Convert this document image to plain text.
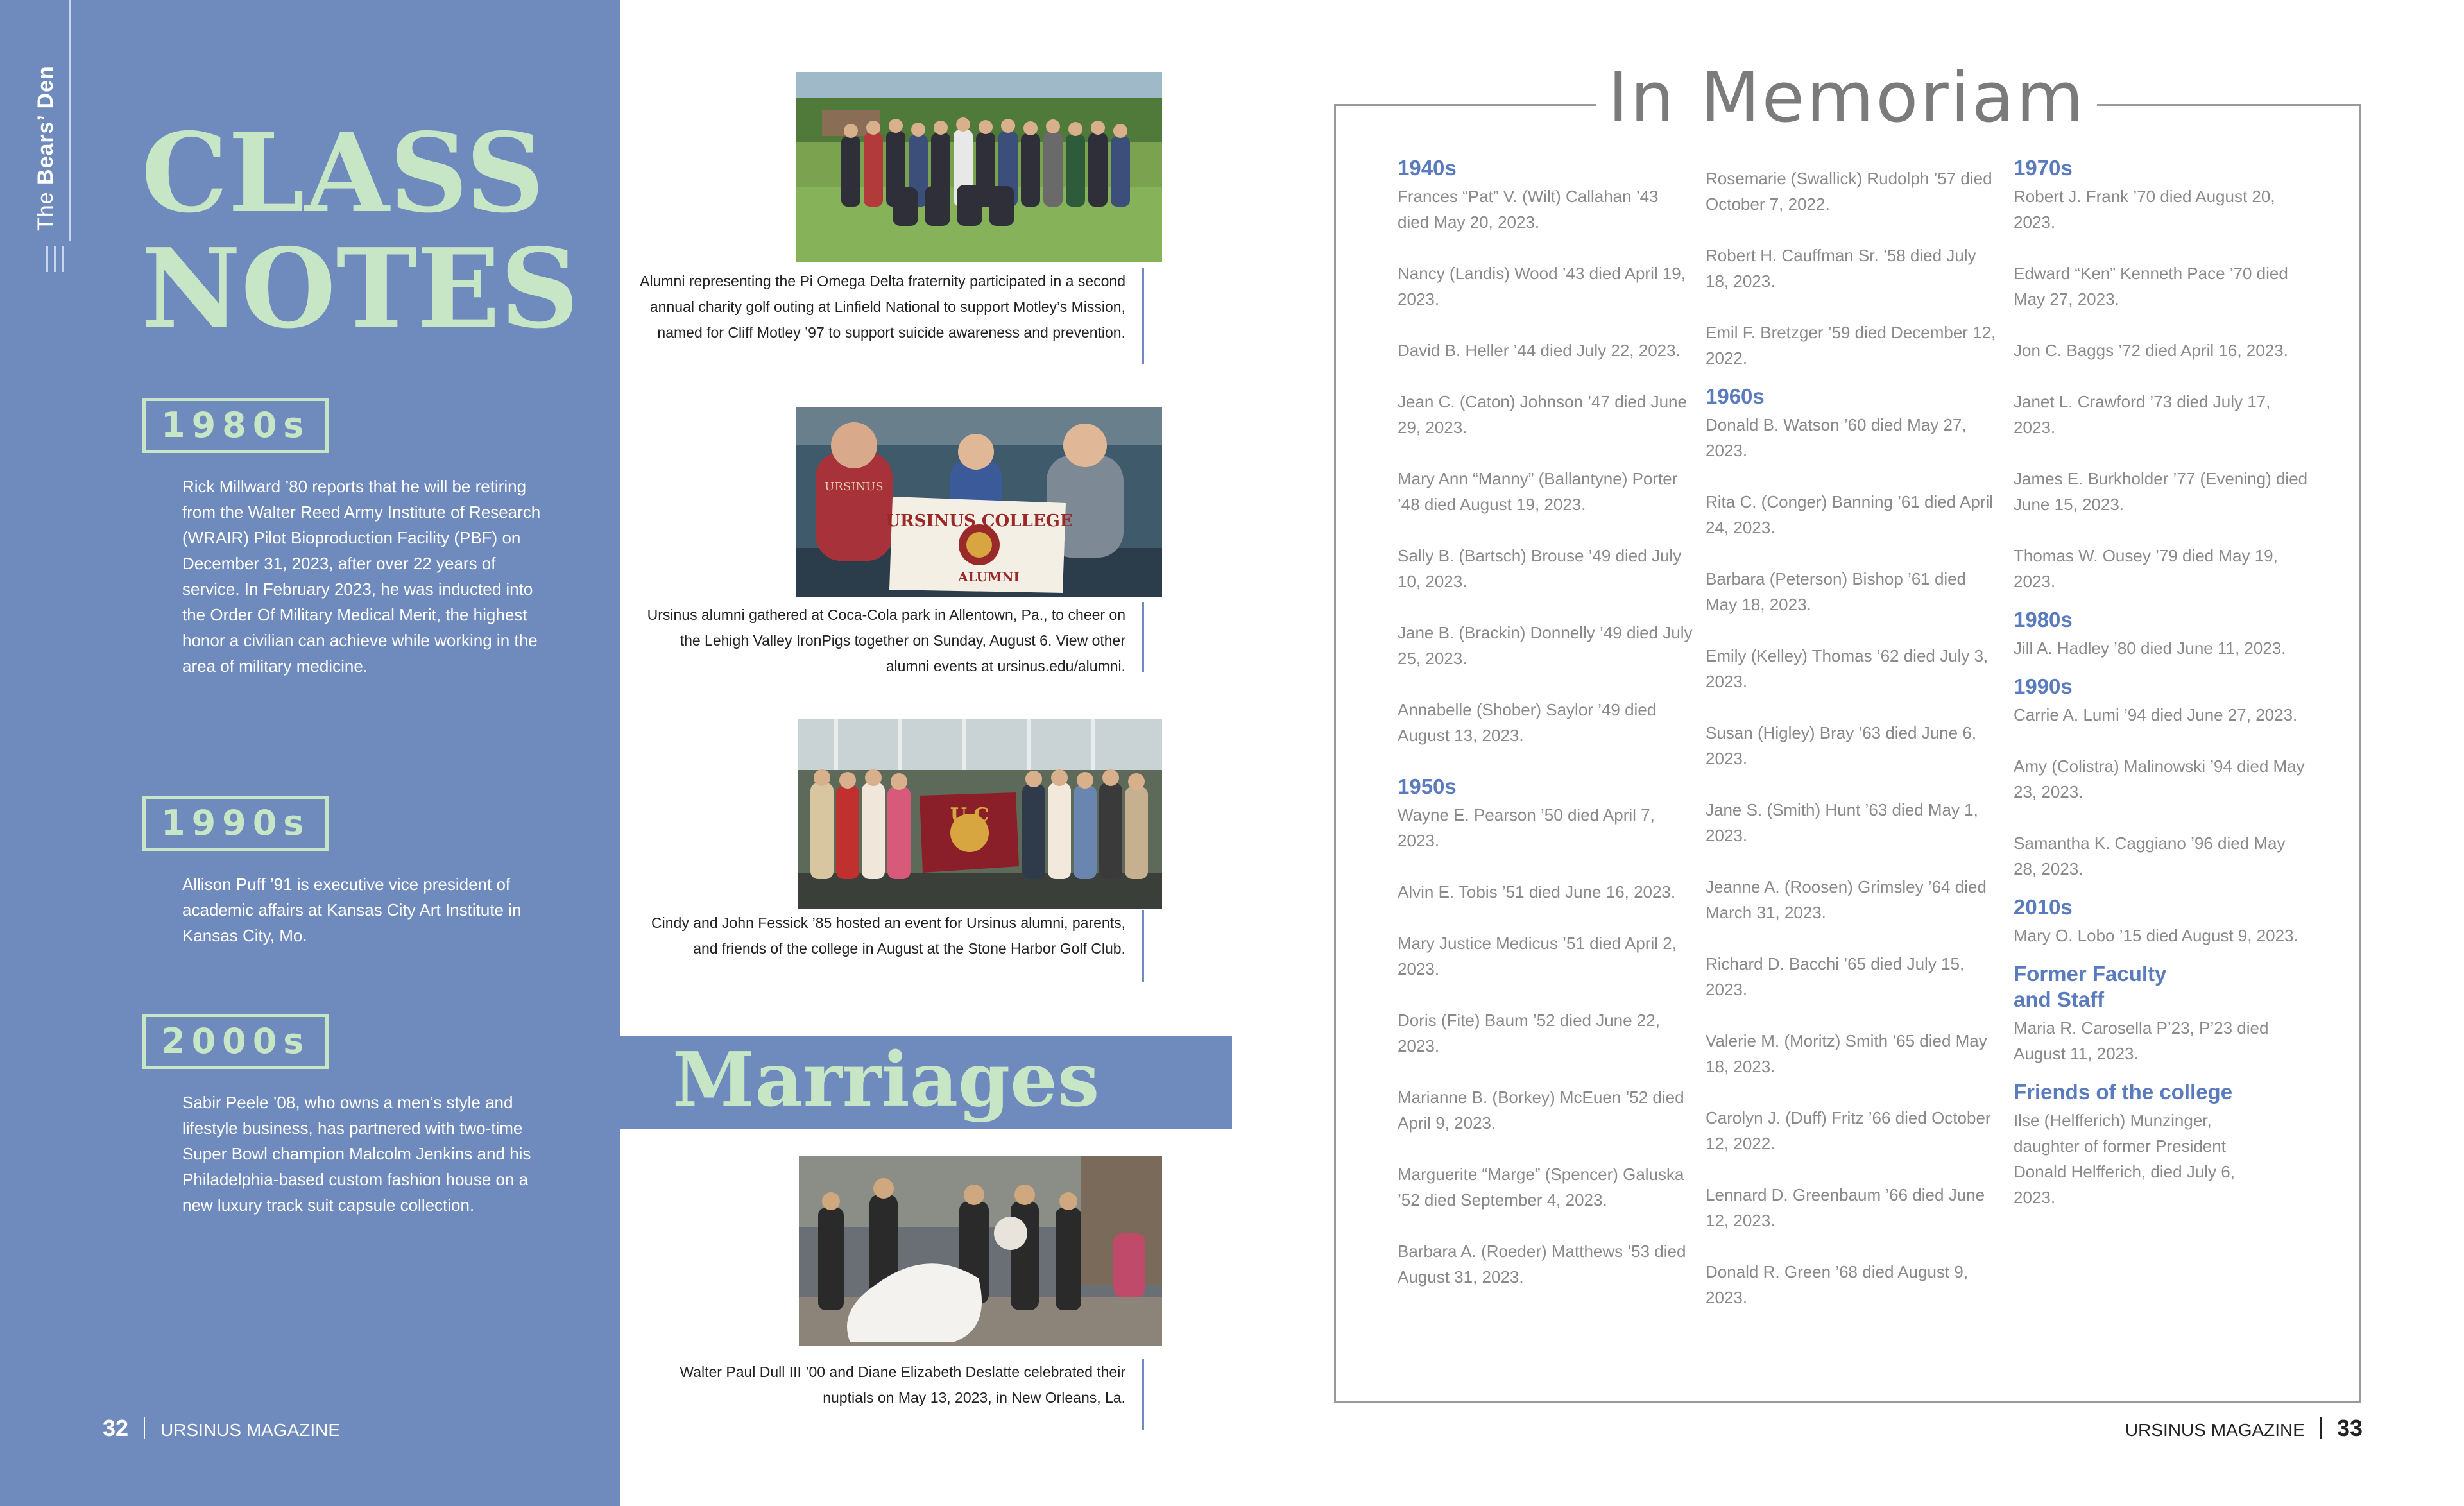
The Bears’ Den CLASS
NOTES
1980s

Rick Millward ’80 reports that he will be retiring from the Walter Reed Army Institute of Research (WRAIR) Pilot Bioproduction Facility (PBF) on December 31, 2023, after over 22 years of service. In February 2023, he was inducted into the Order Of Military Medical Merit, the highest honor a civilian can achieve while working in the area of military medicine.

1990s

Allison Puff ’91 is executive vice president of academic affairs at Kansas City Art Institute in Kansas City, Mo.

2000s

Sabir Peele ’08, who owns a men’s style and lifestyle business, has partnered with two-time Super Bowl champion Malcolm Jenkins and his Philadelphia-based custom fashion house on a new luxury track suit capsule collection.

32 URSINUS MAGAZINE

Alumni representing the Pi Omega Delta fraternity participated in a second annual charity golf outing at Linfield National to support Motley’s Mission, named for Cliff Motley ’97 to support suicide awareness and prevention.

URSINUS COLLEGE
ALUMNI
URSINUS

Ursinus alumni gathered at Coca-Cola park in Allentown, Pa., to cheer on the Lehigh Valley IronPigs together on Sunday, August 6. View other alumni events at ursinus.edu/alumni.

U C

Cindy and John Fessick ’85 hosted an event for Ursinus alumni, parents, and friends of the college in August at the Stone Harbor Golf Club.

Marriages

Walter Paul Dull III ’00 and Diane Elizabeth Deslatte celebrated their nuptials on May 13, 2023, in New Orleans, La.

In Memoriam
1940s

Frances “Pat” V. (Wilt) Callahan ’43 died May 20, 2023.

Nancy (Landis) Wood ’43 died April 19, 2023.

David B. Heller ’44 died July 22, 2023.

Jean C. (Caton) Johnson ’47 died June 29, 2023.

Mary Ann “Manny” (Ballantyne) Porter ’48 died August 19, 2023.

Sally B. (Bartsch) Brouse ’49 died July 10, 2023.

Jane B. (Brackin) Donnelly ’49 died July 25, 2023.

Annabelle (Shober) Saylor ’49 died August 13, 2023.

1950s

Wayne E. Pearson ’50 died April 7, 2023.

Alvin E. Tobis ’51 died June 16, 2023.

Mary Justice Medicus ’51 died April 2, 2023.

Doris (Fite) Baum ’52 died June 22, 2023.

Marianne B. (Borkey) McEuen ’52 died April 9, 2023.

Marguerite “Marge” (Spencer) Galuska ’52 died September 4, 2023.

Barbara A. (Roeder) Matthews ’53 died August 31, 2023.

Rosemarie (Swallick) Rudolph ’57 died October 7, 2022.

Robert H. Cauffman Sr. ’58 died July 18, 2023.

Emil F. Bretzger ’59 died December 12, 2022.

1960s

Donald B. Watson ’60 died May 27, 2023.

Rita C. (Conger) Banning ’61 died April 24, 2023.

Barbara (Peterson) Bishop ’61 died May 18, 2023.

Emily (Kelley) Thomas ’62 died July 3, 2023.

Susan (Higley) Bray ’63 died June 6, 2023.

Jane S. (Smith) Hunt ’63 died May 1, 2023.

Jeanne A. (Roosen) Grimsley ’64 died March 31, 2023.

Richard D. Bacchi ’65 died July 15, 2023.

Valerie M. (Moritz) Smith ’65 died May 18, 2023.

Carolyn J. (Duff) Fritz ’66 died October 12, 2022.

Lennard D. Greenbaum ’66 died June 12, 2023.

Donald R. Green ’68 died August 9, 2023.

1970s

Robert J. Frank ’70 died August 20, 2023.

Edward “Ken” Kenneth Pace ’70 died May 27, 2023.

Jon C. Baggs ’72 died April 16, 2023.

Janet L. Crawford ’73 died July 17, 2023.

James E. Burkholder ’77 (Evening) died June 15, 2023.

Thomas W. Ousey ’79 died May 19, 2023.

1980s

Jill A. Hadley ’80 died June 11, 2023.

1990s

Carrie A. Lumi ’94 died June 27, 2023.

Amy (Colistra) Malinowski ’94 died May 23, 2023.

Samantha K. Caggiano ’96 died May 28, 2023.

2010s

Mary O. Lobo ’15 died August 9, 2023.

Former Faculty and Staff

Maria R. Carosella P’23, P’23 died August 11, 2023.

Friends of the college

Ilse (Helfferich) Munzinger, daughter of former President Donald Helfferich, died July 6, 2023.

URSINUS MAGAZINE 33
